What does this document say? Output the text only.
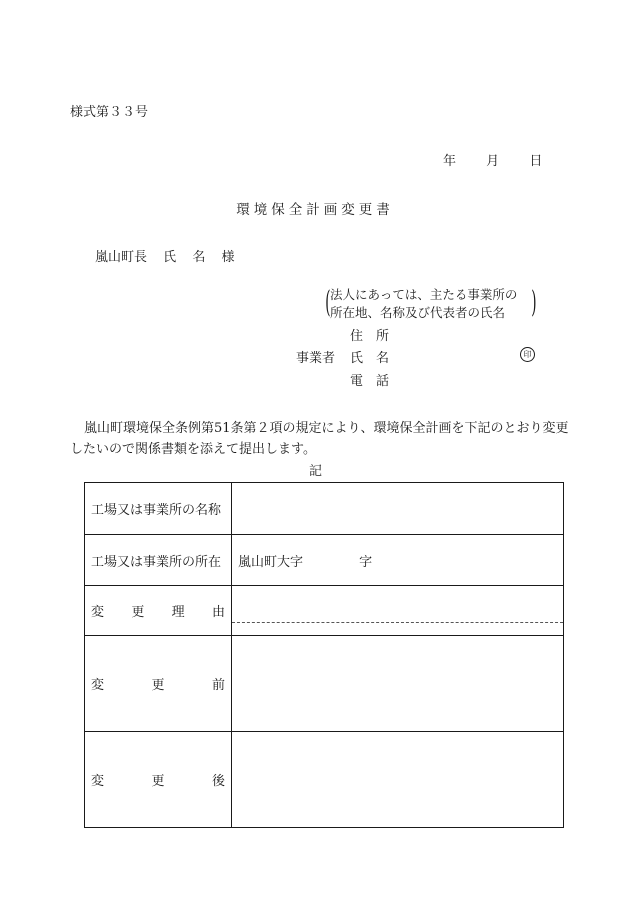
様式第３３号
年 月 日
環境保全計画変更書
嵐山町長 氏 名 様
( 法人にあっては、主たる事業所の
所在地、名称及び代表者の氏名 )
住　所
事業者 氏　名	印
電　話
嵐山町環境保全条例第51条第２項の規定により、環境保全計画を下記のとおり変更したいので関係書類を添えて提出します。
記
工場又は事業所の名称	
工場又は事業所の所在	嵐山町大字 字

変 更 理 由	

変 更 前	

変 更 後	
